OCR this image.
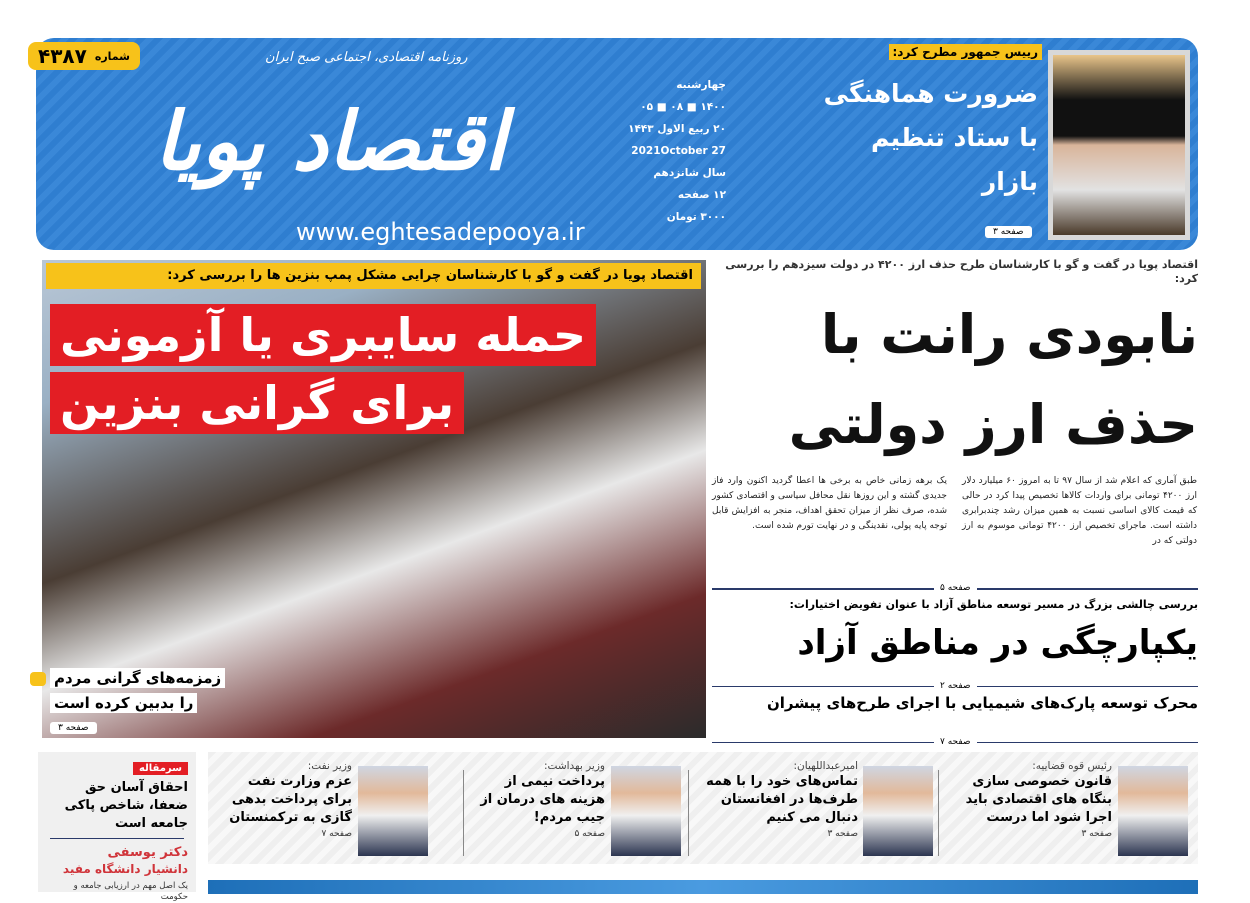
شماره
۴۳۸۷	روزنامه اقتصادی، اجتماعی صبح ایران
اقتصاد پویا
www.eghtesadepooya.ir
چهارشنبه
۱۴۰۰ ■ ۰۸ ■ ۰۵
۲۰ ربیع الاول ۱۴۴۳
2021October 27
سال شانزدهم
۱۲ صفحه
۳۰۰۰ تومان
رییس جمهور مطرح کرد:
ضرورت هماهنگی
با ستاد تنظیم
بازار
صفحه ۳
اقتصاد پویا در گفت و گو با کارشناسان چرایی مشکل پمپ بنزین ها را بررسی کرد:
حمله سایبری یا آزمونی
برای گرانی بنزین
زمزمه‌های گرانی مردم
را بدبین کرده است
صفحه ۳
اقتصاد پویا در گفت و گو با کارشناسان طرح حذف ارز ۴۲۰۰ در دولت سیزدهم را بررسی کرد:
نابودی رانت با
حذف ارز دولتی
طبق آماری که اعلام شد از سال ۹۷ تا به امروز ۶۰ میلیارد دلار ارز ۴۲۰۰ تومانی برای واردات کالاها تخصیص پیدا کرد در حالی که قیمت کالای اساسی نسبت به همین میزان رشد چندبرابری داشته است. ماجرای تخصیص ارز ۴۲۰۰ تومانی موسوم به ارز دولتی که در
یک برهه زمانی خاص به برخی ها اعطا گردید اکنون وارد فاز جدیدی گشته و این روزها نقل محافل سیاسی و اقتصادی کشور شده، صرف نظر از میزان تحقق اهداف، منجر به افزایش قابل توجه پایه پولی، نقدینگی و در نهایت تورم شده است.
صفحه ۵
بررسی چالشی بزرگ در مسیر توسعه مناطق آزاد با عنوان تفویض اختیارات:
یکپارچگی در مناطق آزاد
صفحه ۲
محرک توسعه پارک‌های شیمیایی با اجرای طرح‌های پیشران
صفحه ۷
رئیس قوه قضاییه:
قانون خصوصی سازی بنگاه های اقتصادی باید اجرا شود اما درست
صفحه ۳
امیرعبداللهیان:
تماس‌های خود را با همه طرف‌ها در افغانستان دنبال می کنیم
صفحه ۳
وزیر بهداشت:
پرداخت نیمی از هزینه های درمان از جیب مردم!
صفحه ۵
وزیر نفت:
عزم وزارت نفت برای پرداخت بدهی گازی به ترکمنستان
صفحه ۷
سرمقاله
احقاق آسان حق ضعفا، شاخص پاکی جامعه است
دکتر یوسفی
دانشیار دانشگاه مفید
یک اصل مهم در ارزیابی جامعه و حکومت
